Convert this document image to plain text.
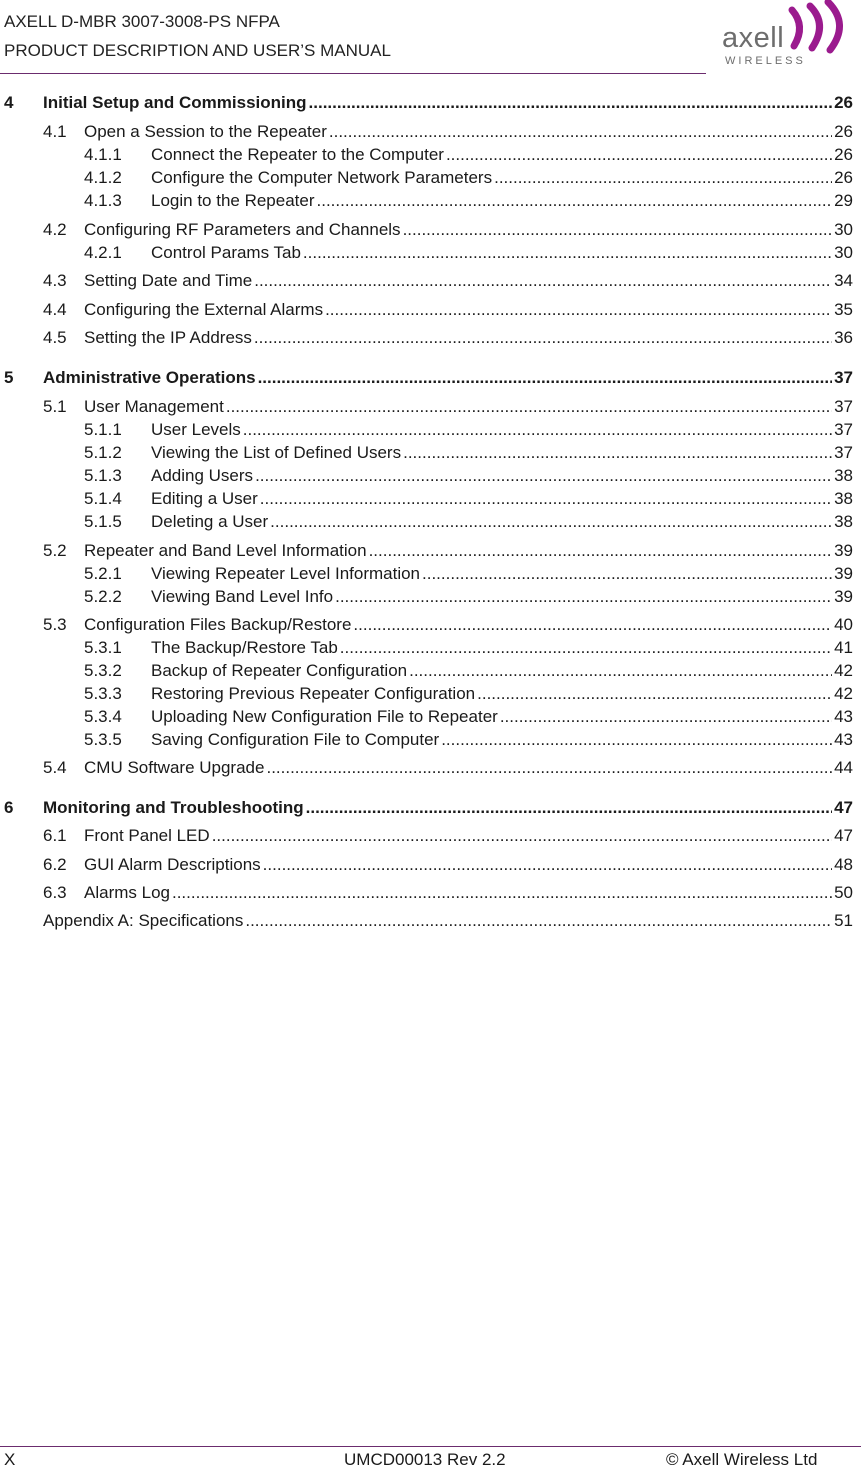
AXELL D-MBR 3007-3008-PS NFPA
PRODUCT DESCRIPTION AND USER’S MANUAL	axell
WIRELESS
4 Initial Setup and Commissioning .....	26
4.1 Open a Session to the Repeater .....	26
4.1.1 Connect the Repeater to the Computer .....	26
4.1.2 Configure the Computer Network Parameters .....	26
4.1.3 Login to the Repeater .....	29
4.2 Configuring RF Parameters and Channels .....	30
4.2.1 Control Params Tab .....	30
4.3 Setting Date and Time .....	34
4.4 Configuring the External Alarms .....	35
4.5 Setting the IP Address .....	36
5 Administrative Operations .....	37
5.1 User Management .....	37
5.1.1 User Levels .....	37
5.1.2 Viewing the List of Defined Users .....	37
5.1.3 Adding Users .....	38
5.1.4 Editing a User .....	38
5.1.5 Deleting a User .....	38
5.2 Repeater and Band Level Information .....	39
5.2.1 Viewing Repeater Level Information .....	39
5.2.2 Viewing Band Level Info .....	39
5.3 Configuration Files Backup/Restore .....	40
5.3.1 The Backup/Restore Tab .....	41
5.3.2 Backup of Repeater Configuration .....	42
5.3.3 Restoring Previous Repeater Configuration .....	42
5.3.4 Uploading New Configuration File to Repeater .....	43
5.3.5 Saving Configuration File to Computer .....	43
5.4 CMU Software Upgrade .....	44
6 Monitoring and Troubleshooting .....	47
6.1 Front Panel LED .....	47
6.2 GUI Alarm Descriptions .....	48
6.3 Alarms Log .....	50
Appendix A: Specifications .....	51
X	UMCD00013 Rev 2.2	© Axell Wireless Ltd
